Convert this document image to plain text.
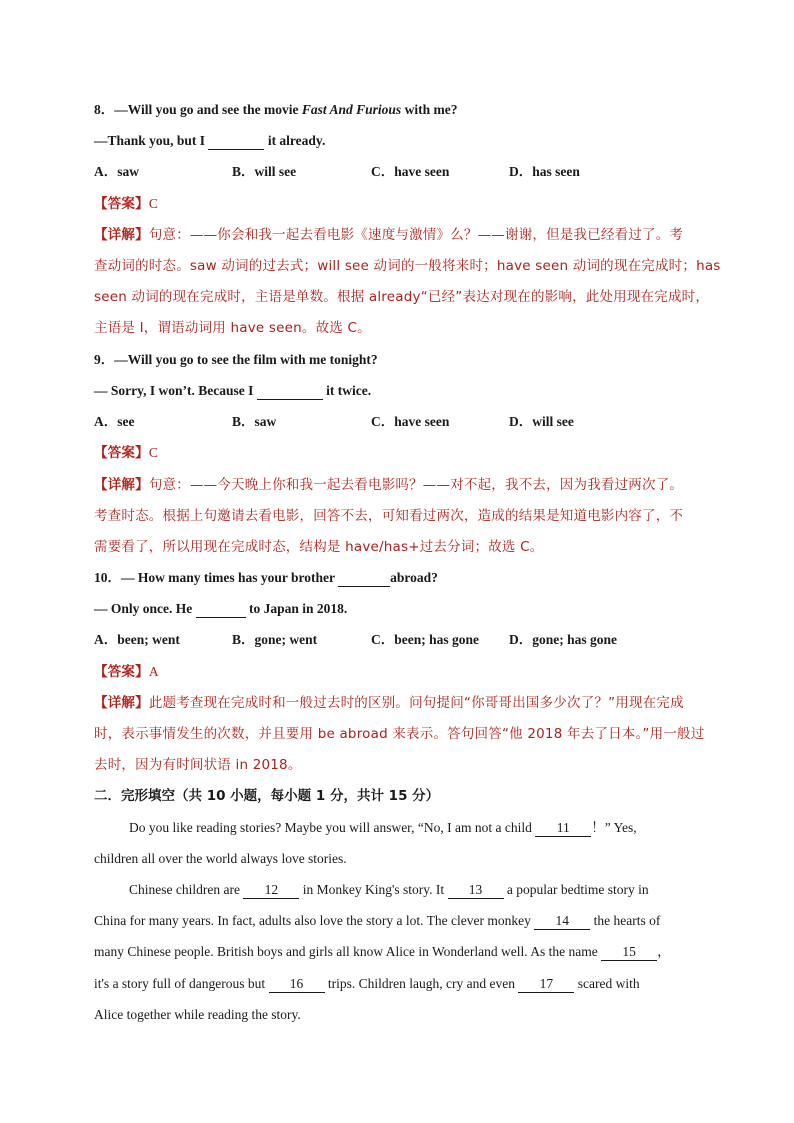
8．—Will you go and see the movie Fast And Furious with me?
—Thank you, but I	it already.
A．saw	B．will see	C．have seen	D．has seen
【答案】C
【详解】句意：——你会和我一起去看电影《速度与激情》么？——谢谢，但是我已经看过了。考
查动词的时态。saw 动词的过去式；will see 动词的一般将来时；have seen 动词的现在完成时；has
seen 动词的现在完成时，主语是单数。根据 already“已经”表达对现在的影响，此处用现在完成时，
主语是 I，谓语动词用 have seen。故选 C。
9．—Will you go to see the film with me tonight?
— Sorry, I won’t. Because I	it twice.
A．see	B．saw	C．have seen	D．will see
【答案】C
【详解】句意：——今天晚上你和我一起去看电影吗？——对不起，我不去，因为我看过两次了。
考查时态。根据上句邀请去看电影，回答不去，可知看过两次，造成的结果是知道电影内容了，不
需要看了，所以用现在完成时态，结构是 have/has+过去分词；故选 C。
10．— How many times has your brother	abroad?
— Only once. He	to Japan in 2018.
A．been; went	B．gone; went	C．been; has gone D．gone; has gone
【答案】A
【详解】此题考查现在完成时和一般过去时的区别。问句提问“你哥哥出国多少次了？”用现在完成
时，表示事情发生的次数，并且要用 be abroad 来表示。答句回答“他 2018 年去了日本。”用一般过
去时，因为有时间状语 in 2018。
二．完形填空（共 10 小题，每小题 1 分，共计 15 分）
Do you like reading stories? Maybe you will answer, “No, I am not a child 11 ！” Yes,
children all over the world always love stories.
Chinese children are 12 in Monkey King's story. It 13 a popular bedtime story in
China for many years. In fact, adults also love the story a lot. The clever monkey 14 the hearts of
many Chinese people. British boys and girls all know Alice in Wonderland well. As the name 15 ，
it's a story full of dangerous but 16 trips. Children laugh, cry and even 17 scared with
Alice together while reading the story.
